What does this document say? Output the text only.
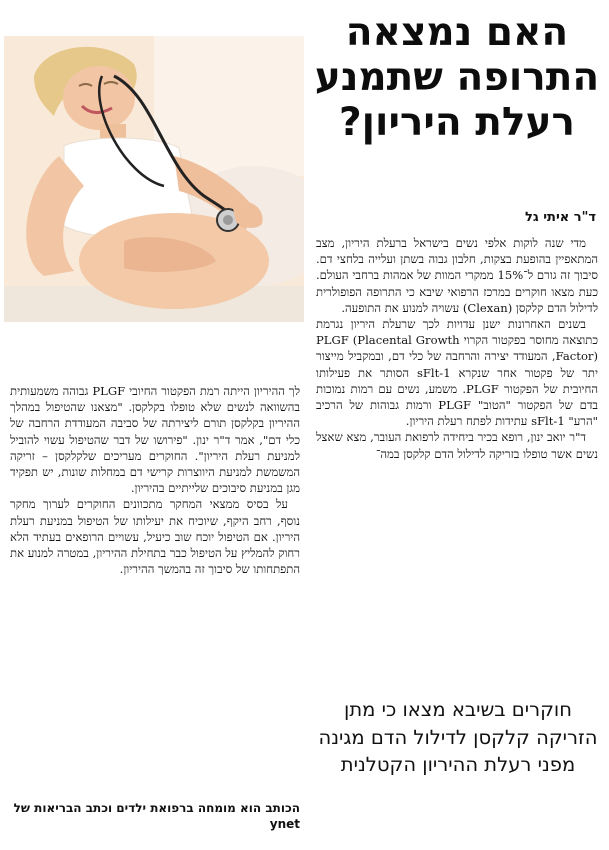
האם נמצאה התרופה שתמנע רעלת היריון?

ד"ר איתי גל

מדי שנה לוקות אלפי נשים בישראל ברעלת היריון, מצב המתאפיין בהופעת בצקות, חלבון גבוה בשתן ועלייה בלחצי דם. סיבוך זה גורם ל־15% ממקרי המוות של אמהות ברחבי העולם. כעת מצאו חוקרים במרכז הרפואי שיבא כי התרופה הפופולרית לדילול הדם קלקסן (Clexan) עשויה למנוע את התופעה.

בשנים האחרונות ישנן עדויות לכך שרעלת היריון נגרמת כתוצאה מחוסר בפקטור הקרוי PLGF (Placental Growth Factor), המעודד יצירה והרחבה של כלי דם, ובמקביל מייצור יתר של פקטור אחר שנקרא sFlt-1 הסותר את פעילותו החיובית של הפקטור PLGF. משמע, נשים עם רמות נמוכות בדם של הפקטור "הטוב" PLGF ורמות גבוהות של הרכיב "הרע" sFlt-1 עתידות לפתח רעלת היריון.

ד"ר יואב ינון, רופא בכיר ביחידה לרפואת העובר, מצא שאצל נשים אשר טופלו בזריקה לדילול הדם קלקסן במה־

חוקרים בשיבא מצאו כי מתן הזריקה קלקסן לדילול הדם מגינה מפני רעלת ההיריון הקטלנית

לך ההיריון הייתה רמת הפקטור החיובי PLGF גבוהה משמעותית בהשוואה לנשים שלא טופלו בקלקסן. "מצאנו שהטיפול במהלך ההיריון בקלקסן תורם ליצירתה של סביבה המעודדת הרחבה של כלי דם", אמר ד"ר ינון. "פירושו של דבר שהטיפול עשוי להוביל למניעת רעלת היריון". החוקרים מעריכים שלקלקסן – זריקה המשמשת למניעת היווצרות קרישי דם במחלות שונות, יש תפקיד מגן במניעת סיבוכים שלייתיים בהיריון.

על בסיס ממצאי המחקר מתכוונים החוקרים לערוך מחקר נוסף, רחב היקף, שיוכיח את יעילותו של הטיפול במניעת רעלת היריון. אם הטיפול יוכח שוב כיעיל, עשויים הרופאים בעתיד הלא רחוק להמליץ על הטיפול כבר בתחילת ההיריון, במטרה למנוע את התפתחותו של סיבוך זה בהמשך ההיריון.

הכותב הוא מומחה ברפואת ילדים וכתב הבריאות של ynet
